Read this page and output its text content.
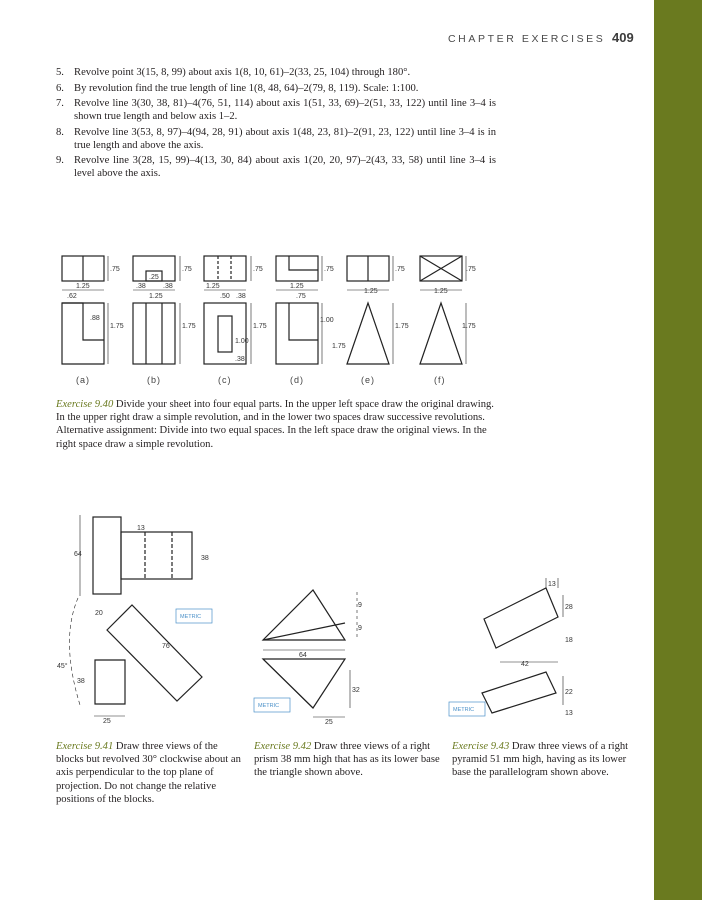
CHAPTER EXERCISES 409
5. Revolve point 3(15, 8, 99) about axis 1(8, 10, 61)–2(33, 25, 104) through 180°.
6. By revolution find the true length of line 1(8, 48, 64)–2(79, 8, 119). Scale: 1:100.
7. Revolve line 3(30, 38, 81)–4(76, 51, 114) about axis 1(51, 33, 69)–2(51, 33, 122) until line 3–4 is shown true length and below axis 1–2.
8. Revolve line 3(53, 8, 97)–4(94, 28, 91) about axis 1(48, 23, 81)–2(91, 23, 122) until line 3–4 is in true length and above the axis.
9. Revolve line 3(28, 15, 99)–4(13, 30, 84) about axis 1(20, 20, 97)–2(43, 33, 58) until line 3–4 is level above the axis.
.75	.75	.75	.75	.75	.75
1.25
.62
.38 .38
.25
1.25
1.25
.50 .38
1.25
.75
1.25	1.25
.88
1.75	1.75	1.75
1.00
.38
1.00
1.75
1.75	1.75
(a)	(b)	(c)	(d)	(e)	(f)
Exercise 9.40 Divide your sheet into four equal parts. In the upper left space draw the original drawing. In the upper right draw a simple revolution, and in the lower two spaces draw successive revolutions. Alternative assignment: Divide into two equal spaces. In the left space draw the original views. In the right space draw a simple revolution.
13
64
38
20
76
45°
38
25
METRIC
9
9
64
32
25
METRIC
13
28
18
42
22
13
METRIC
Exercise 9.41 Draw three views of the blocks but revolved 30° clockwise about an axis perpendicular to the top plane of projection. Do not change the relative positions of the blocks.
Exercise 9.42 Draw three views of a right prism 38 mm high that has as its lower base the triangle shown above.
Exercise 9.43 Draw three views of a right pyramid 51 mm high, having as its lower base the parallelogram shown above.
